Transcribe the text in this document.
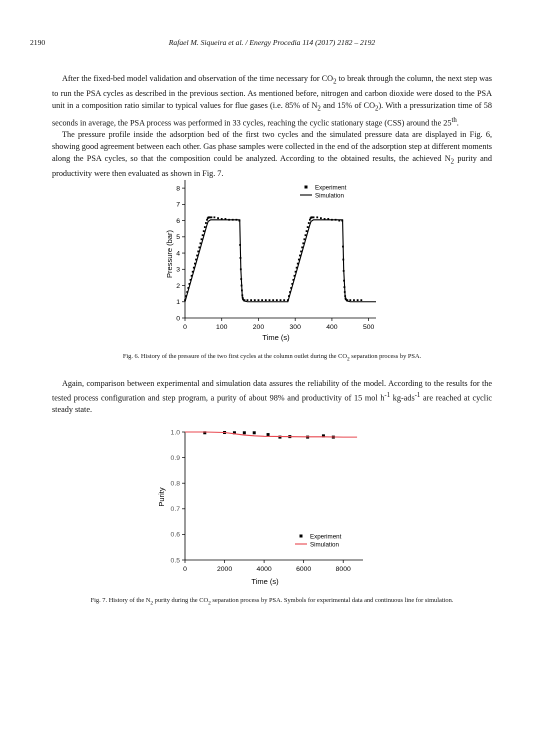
2190	Rafael M. Siqueira et al. / Energy Procedia 114 (2017) 2182 – 2192

After the fixed-bed model validation and observation of the time necessary for $CO_2$ to break through the column, the next step was to run the PSA cycles as described in the previous section. As mentioned before, nitrogen and carbon dioxide were dosed to the PSA unit in a composition ratio similar to typical values for flue gases (i.e. 85% of $N_2$ and 15% of $CO_2$). With a pressurization time of 58 seconds in average, the PSA process was performed in 33 cycles, reaching the cyclic stationary stage (CSS) around the 25th.

The pressure profile inside the adsorption bed of the first two cycles and the simulated pressure data are displayed in Fig. 6, showing good agreement between each other. Gas phase samples were collected in the end of the adsorption step at different moments along the PSA cycles, so that the composition could be analyzed. According to the obtained results, the achieved $N_2$ purity and productivity were then evaluated as shown in Fig. 7.

0	100	200	300	400	500
0
1
2
3
4
5
6
7
8	Experiment
Simulation
Pressure (bar)
Time (s)
Fig. 6. History of the pressure of the two first cycles at the column outlet during the $CO_2$ separation process by PSA.

Again, comparison between experimental and simulation data assures the reliability of the model. According to the results for the tested process configuration and step program, a purity of about 98% and productivity of 15 mol $h^{-1}$ kg-ads$^{-1}$ are reached at cyclic steady state.

0	2000	4000	6000	8000
0.5
0.6
0.7
0.8
0.9
1.0
Experiment
Simulation
Purity
Time (s)
Fig. 7. History of the $N_2$ purity during the $CO_2$ separation process by PSA. Symbols for experimental data and continuous line for simulation.
